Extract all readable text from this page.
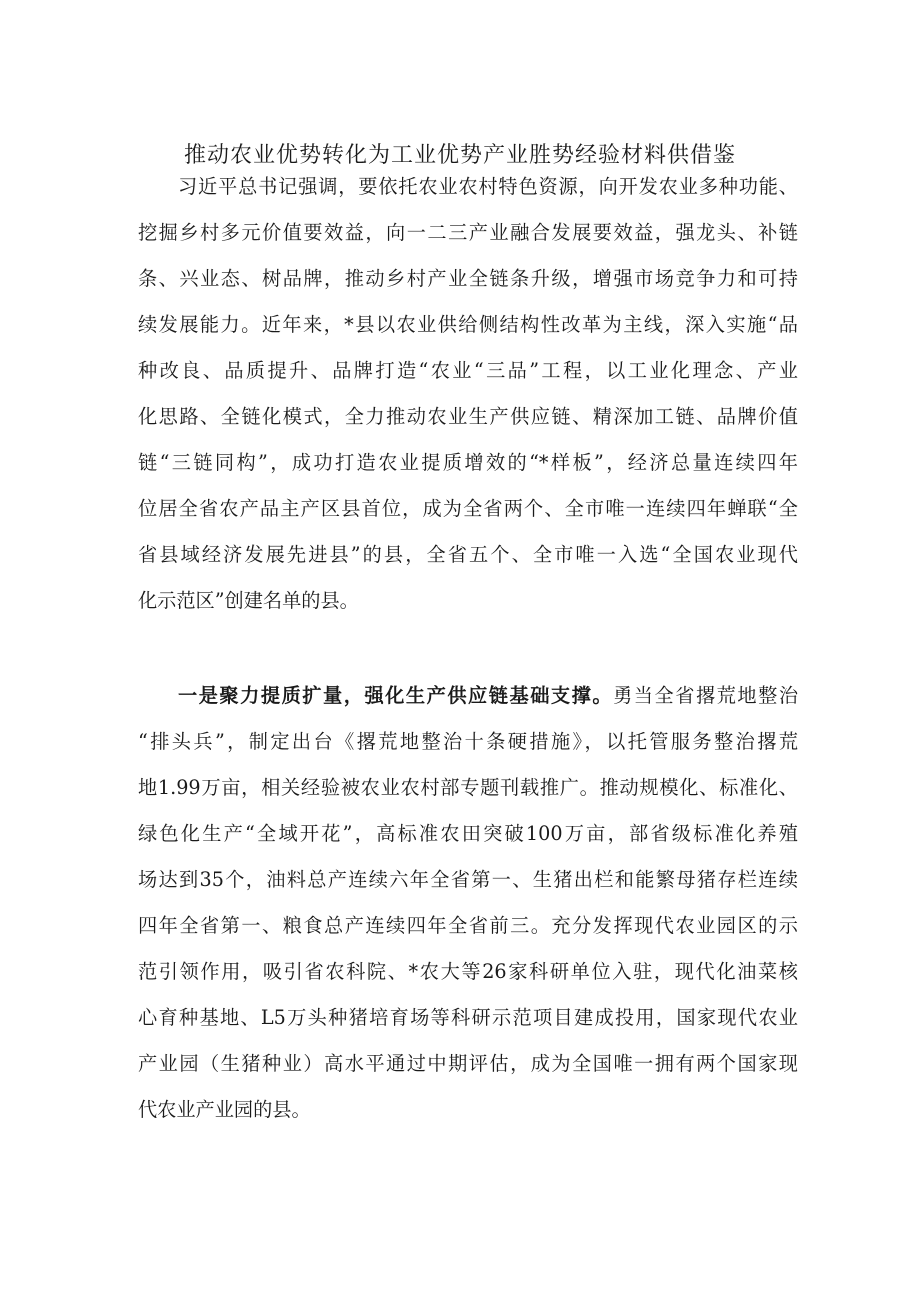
推动农业优势转化为工业优势产业胜势经验材料供借鉴
习近平总书记强调，要依托农业农村特色资源，向开发农业多种功能、
挖掘乡村多元价值要效益，向一二三产业融合发展要效益，强龙头、补链
条、兴业态、树品牌，推动乡村产业全链条升级，增强市场竞争力和可持
续发展能力。近年来，*县以农业供给侧结构性改革为主线，深入实施“品
种改良、品质提升、品牌打造“农业“三品”工程，以工业化理念、产业
化思路、全链化模式，全力推动农业生产供应链、精深加工链、品牌价值
链“三链同构”，成功打造农业提质增效的“*样板”，经济总量连续四年
位居全省农产品主产区县首位，成为全省两个、全市唯一连续四年蝉联“全
省县域经济发展先进县”的县，全省五个、全市唯一入选“全国农业现代
化示范区”创建名单的县。
一是聚力提质扩量，强化生产供应链基础支撑。勇当全省撂荒地整治
“排头兵”，制定出台《撂荒地整治十条硬措施》，以托管服务整治撂荒
地1.99万亩，相关经验被农业农村部专题刊载推广。推动规模化、标准化、
绿色化生产“全域开花”，高标准农田突破100万亩，部省级标准化养殖
场达到35个，油料总产连续六年全省第一、生猪出栏和能繁母猪存栏连续
四年全省第一、粮食总产连续四年全省前三。充分发挥现代农业园区的示
范引领作用，吸引省农科院、*农大等26家科研单位入驻，现代化油菜核
心育种基地、L5万头种猪培育场等科研示范项目建成投用，国家现代农业
产业园（生猪种业）高水平通过中期评估，成为全国唯一拥有两个国家现
代农业产业园的县。
